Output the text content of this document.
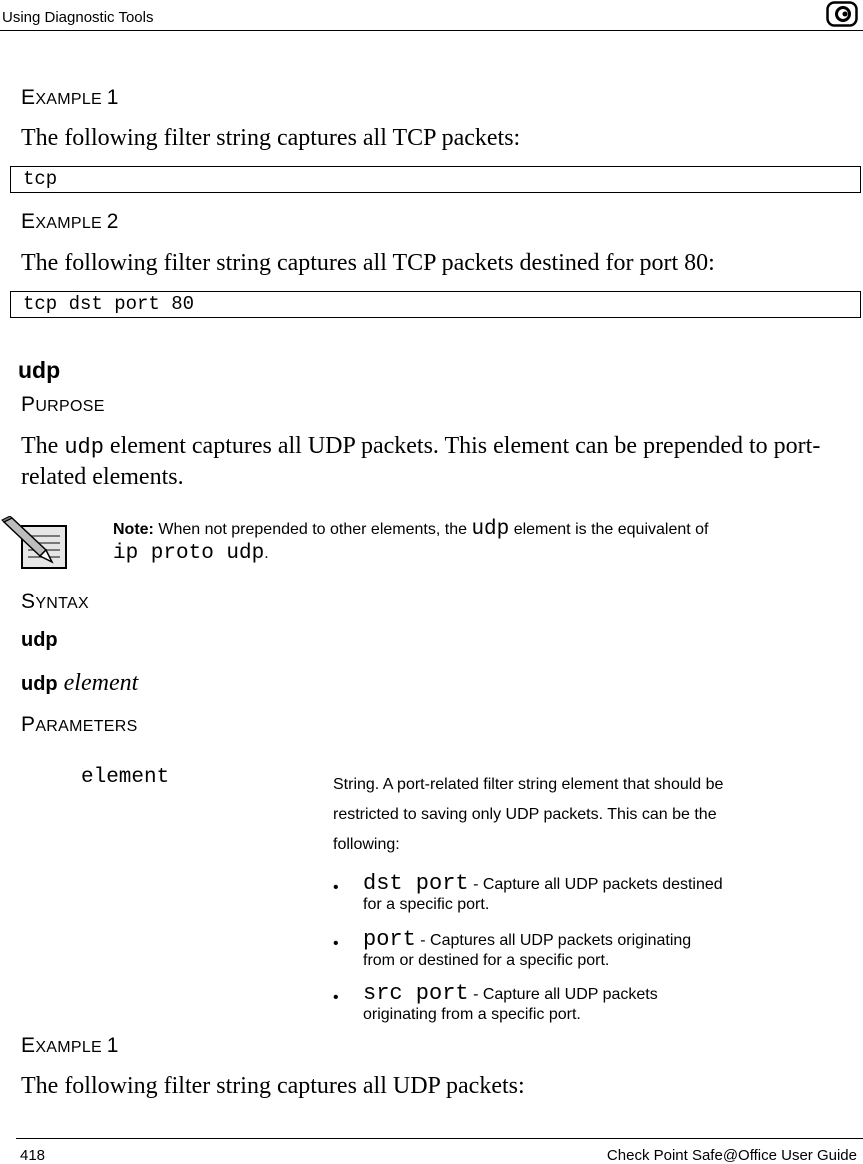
Using Diagnostic Tools
EXAMPLE 1
The following filter string captures all TCP packets:
tcp
EXAMPLE 2
The following filter string captures all TCP packets destined for port 80:
tcp dst port 80
udp
PURPOSE
The udp element captures all UDP packets. This element can be prepended to port-
related elements.
Note: When not prepended to other elements, the udp element is the equivalent of
ip proto udp.
SYNTAX
udp
udp element
PARAMETERS
element	String. A port-related filter string element that should be
restricted to saving only UDP packets. This can be the
following:
• dst port - Capture all UDP packets destined
for a specific port.
• port - Captures all UDP packets originating
from or destined for a specific port.
• src port - Capture all UDP packets
originating from a specific port.
EXAMPLE 1
The following filter string captures all UDP packets:
418	Check Point Safe@Office User Guide
